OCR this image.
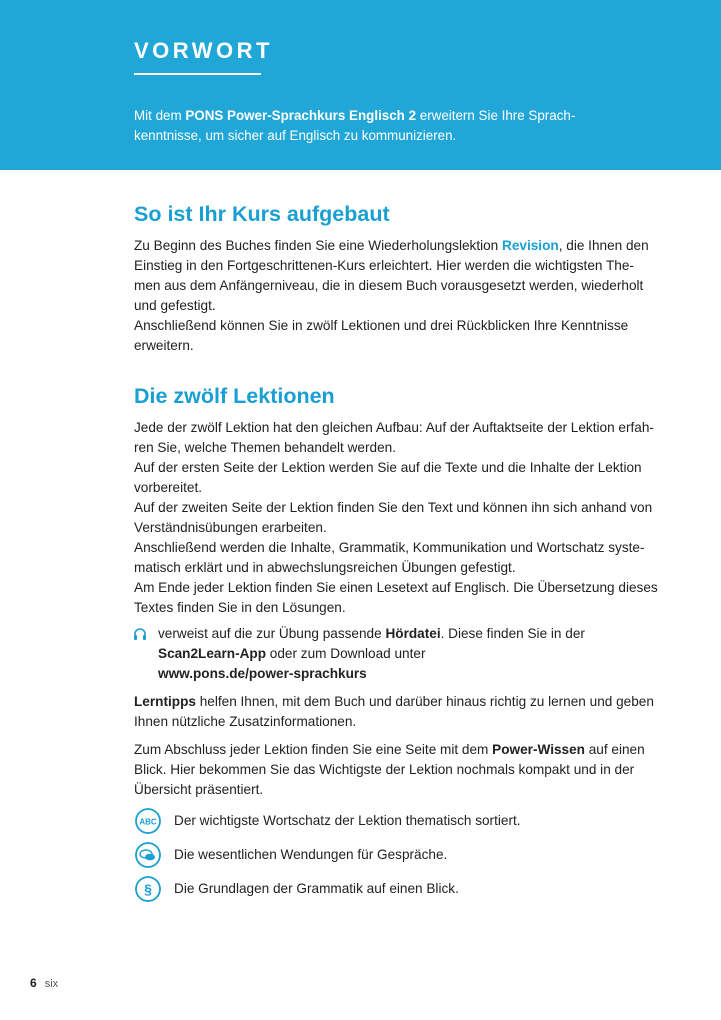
VORWORT
Mit dem PONS Power-Sprachkurs Englisch 2 erweitern Sie Ihre Sprach-
kenntnisse, um sicher auf Englisch zu kommunizieren.
So ist Ihr Kurs aufgebaut

Zu Beginn des Buches finden Sie eine Wiederholungslektion Revision, die Ihnen den
Einstieg in den Fortgeschrittenen-Kurs erleichtert. Hier werden die wichtigsten The-
men aus dem Anfängerniveau, die in diesem Buch vorausgesetzt werden, wiederholt
und gefestigt.
Anschließend können Sie in zwölf Lektionen und drei Rückblicken Ihre Kenntnisse
erweitern.

Die zwölf Lektionen

Jede der zwölf Lektion hat den gleichen Aufbau: Auf der Auftaktseite der Lektion erfah-
ren Sie, welche Themen behandelt werden.
Auf der ersten Seite der Lektion werden Sie auf die Texte und die Inhalte der Lektion
vorbereitet.
Auf der zweiten Seite der Lektion finden Sie den Text und können ihn sich anhand von
Verständnisübungen erarbeiten.
Anschließend werden die Inhalte, Grammatik, Kommunikation und Wortschatz syste-
matisch erklärt und in abwechslungsreichen Übungen gefestigt.
Am Ende jeder Lektion finden Sie einen Lesetext auf Englisch. Die Übersetzung dieses
Textes finden Sie in den Lösungen.

verweist auf die zur Übung passende Hördatei. Diese finden Sie in der
Scan2Learn-App oder zum Download unter
www.pons.de/power-sprachkurs

Lerntipps helfen Ihnen, mit dem Buch und darüber hinaus richtig zu lernen und geben
Ihnen nützliche Zusatzinformationen.

Zum Abschluss jeder Lektion finden Sie eine Seite mit dem Power-Wissen auf einen
Blick. Hier bekommen Sie das Wichtigste der Lektion nochmals kompakt und in der
Übersicht präsentiert.

ABC Der wichtigste Wortschatz der Lektion thematisch sortiert.
Die wesentlichen Wendungen für Gespräche.
§ Die Grundlagen der Grammatik auf einen Blick.
6 six
